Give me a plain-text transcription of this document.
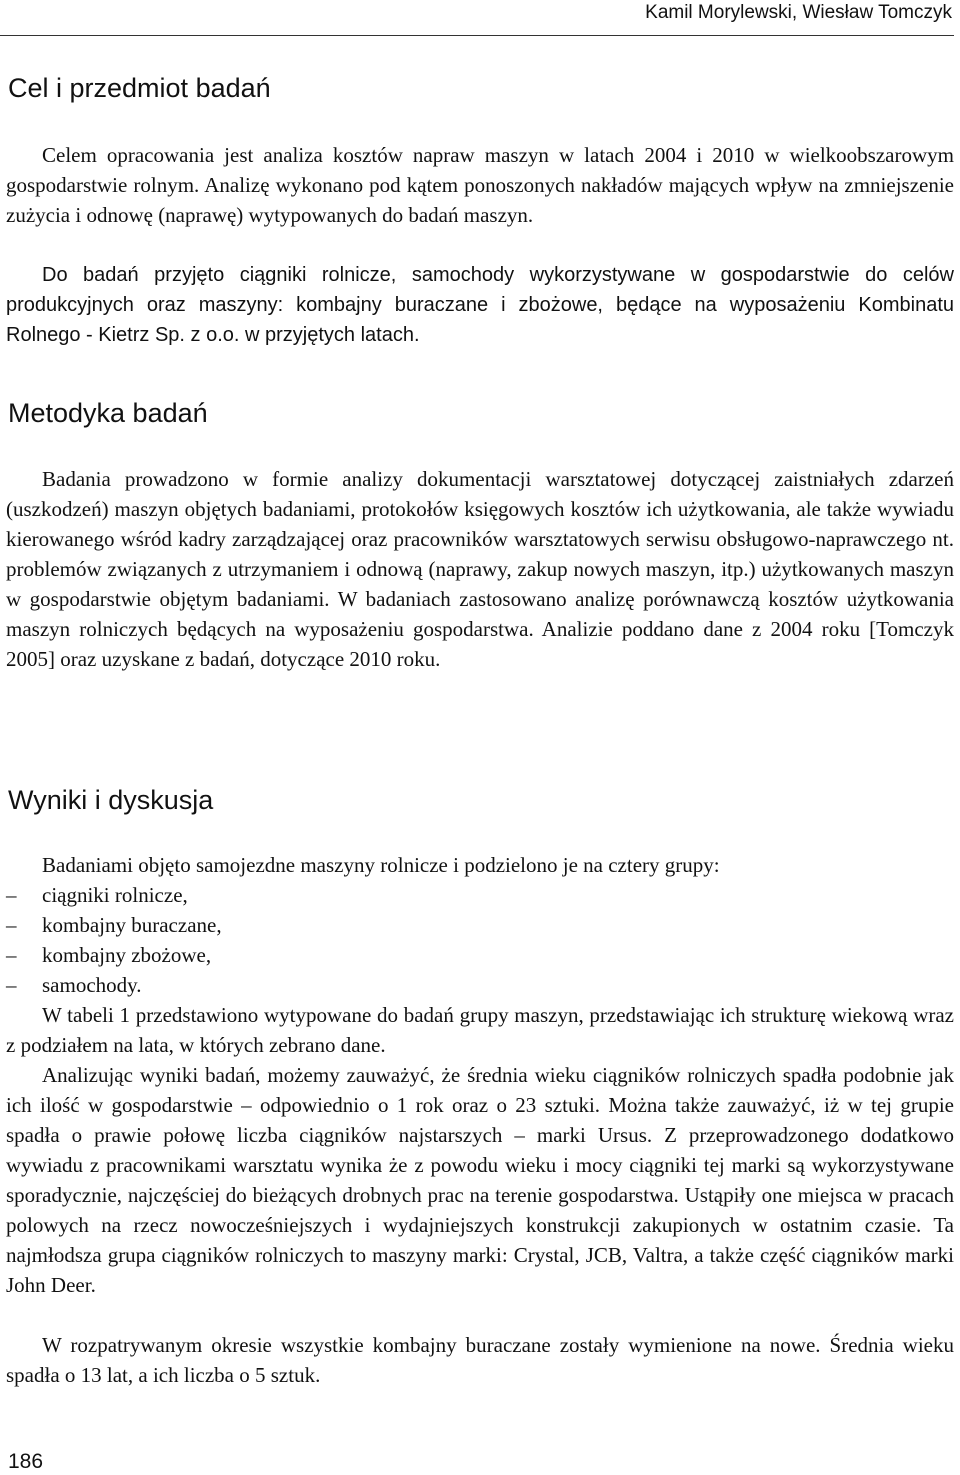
Kamil Morylewski, Wiesław Tomczyk
Cel i przedmiot badań

Celem opracowania jest analiza kosztów napraw maszyn w latach 2004 i 2010 w wielkoobszarowym gospodarstwie rolnym. Analizę wykonano pod kątem ponoszonych nakładów mających wpływ na zmniejszenie zużycia i odnowę (naprawę) wytypowanych do badań maszyn.

Do badań przyjęto ciągniki rolnicze, samochody wykorzystywane w gospodarstwie do celów produkcyjnych oraz maszyny: kombajny buraczane i zbożowe, będące na wyposażeniu Kombinatu Rolnego - Kietrz Sp. z o.o. w przyjętych latach.

Metodyka badań

Badania prowadzono w formie analizy dokumentacji warsztatowej dotyczącej zaistniałych zdarzeń (uszkodzeń) maszyn objętych badaniami, protokołów księgowych kosztów ich użytkowania, ale także wywiadu kierowanego wśród kadry zarządzającej oraz pracowników warsztatowych serwisu obsługowo-naprawczego nt. problemów związanych z utrzymaniem i odnową (naprawy, zakup nowych maszyn, itp.) użytkowanych maszyn w gospodarstwie objętym badaniami. W badaniach zastosowano analizę porównawczą kosztów użytkowania maszyn rolniczych będących na wyposażeniu gospodarstwa. Analizie poddano dane z 2004 roku [Tomczyk 2005] oraz uzyskane z badań, dotyczące 2010 roku.

Wyniki i dyskusja

Badaniami objęto samojezdne maszyny rolnicze i podzielono je na cztery grupy:

– ciągniki rolnicze,
– kombajny buraczane,
– kombajny zbożowe,
– samochody.

W tabeli 1 przedstawiono wytypowane do badań grupy maszyn, przedstawiając ich strukturę wiekową wraz z podziałem na lata, w których zebrano dane.

Analizując wyniki badań, możemy zauważyć, że średnia wieku ciągników rolniczych spadła podobnie jak ich ilość w gospodarstwie – odpowiednio o 1 rok oraz o 23 sztuki. Można także zauważyć, iż w tej grupie spadła o prawie połowę liczba ciągników najstarszych – marki Ursus. Z przeprowadzonego dodatkowo wywiadu z pracownikami warsztatu wynika że z powodu wieku i mocy ciągniki tej marki są wykorzystywane sporadycznie, najczęściej do bieżących drobnych prac na terenie gospodarstwa. Ustąpiły one miejsca w pracach polowych na rzecz nowocześniejszych i wydajniejszych konstrukcji zakupionych w ostatnim czasie. Ta najmłodsza grupa ciągników rolniczych to maszyny marki: Crystal, JCB, Valtra, a także część ciągników marki John Deer.

W rozpatrywanym okresie wszystkie kombajny buraczane zostały wymienione na nowe. Średnia wieku spadła o 13 lat, a ich liczba o 5 sztuk.

186
